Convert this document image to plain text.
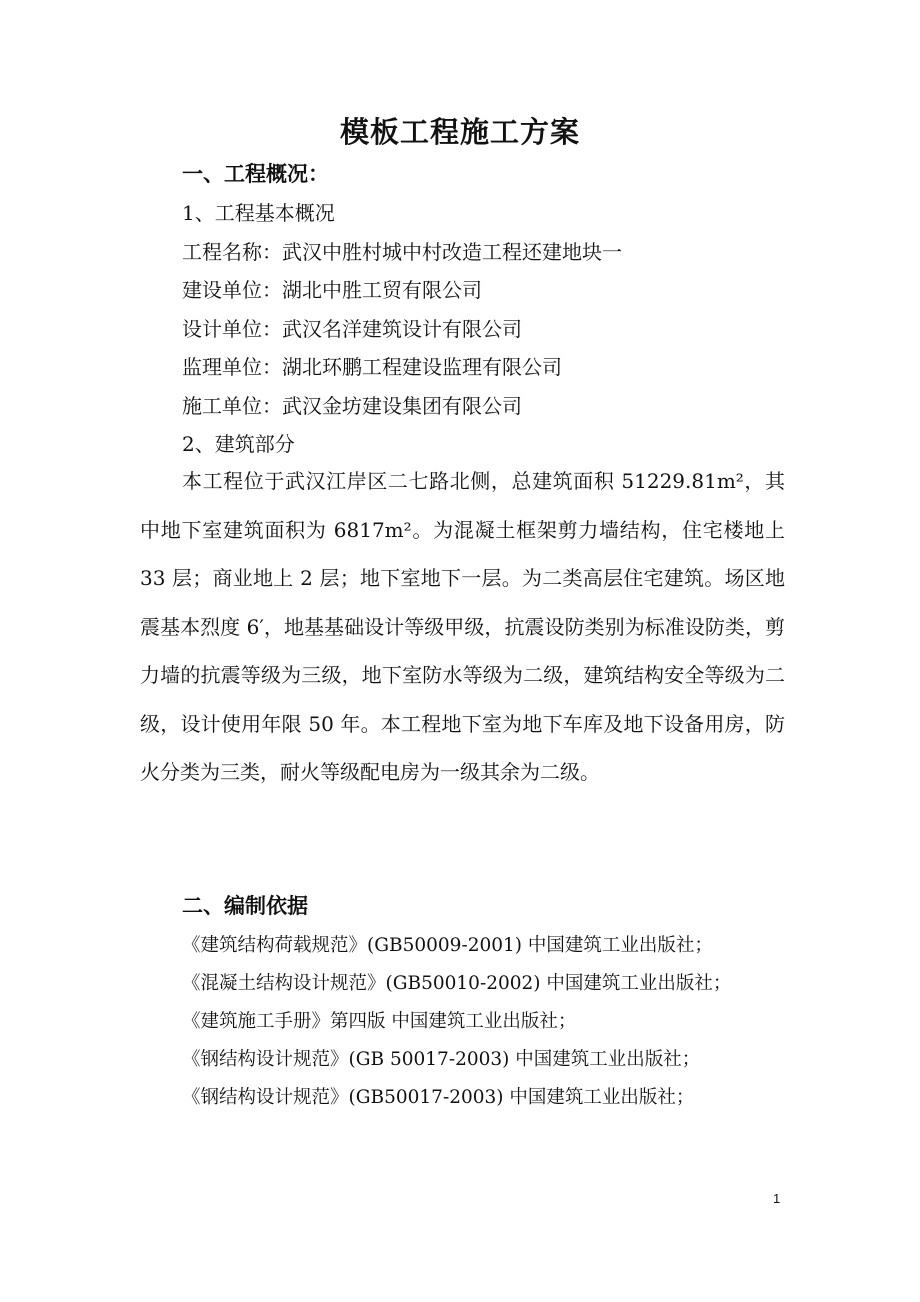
模板工程施工方案
一、工程概况：
1、工程基本概况
工程名称：武汉中胜村城中村改造工程还建地块一
建设单位：湖北中胜工贸有限公司
设计单位：武汉名洋建筑设计有限公司
监理单位：湖北环鹏工程建设监理有限公司
施工单位：武汉金坊建设集团有限公司
2、建筑部分
本工程位于武汉江岸区二七路北侧，总建筑面积 51229.81m²，其中地下室建筑面积为 6817m²。为混凝土框架剪力墙结构，住宅楼地上 33 层；商业地上 2 层；地下室地下一层。为二类高层住宅建筑。场区地震基本烈度 6′，地基基础设计等级甲级，抗震设防类别为标准设防类，剪力墙的抗震等级为三级，地下室防水等级为二级，建筑结构安全等级为二级，设计使用年限 50 年。本工程地下室为地下车库及地下设备用房，防火分类为三类，耐火等级配电房为一级其余为二级。
二、编制依据
《建筑结构荷载规范》(GB50009-2001) 中国建筑工业出版社；
《混凝土结构设计规范》(GB50010-2002) 中国建筑工业出版社；
《建筑施工手册》第四版 中国建筑工业出版社；
《钢结构设计规范》(GB 50017-2003) 中国建筑工业出版社；
《钢结构设计规范》(GB50017-2003) 中国建筑工业出版社；
1
